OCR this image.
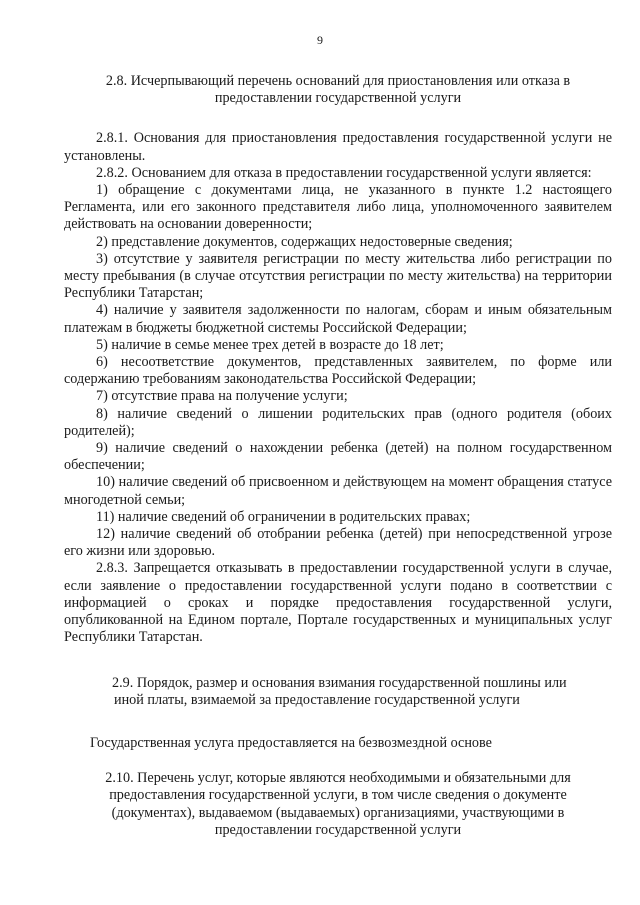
9
2.8. Исчерпывающий перечень оснований для приостановления или отказа в
предоставлении государственной услуги

2.8.1. Основания для приостановления предоставления государственной услуги не установлены.

2.8.2. Основанием для отказа в предоставлении государственной услуги является:

1) обращение с документами лица, не указанного в пункте 1.2 настоящего Регламента, или его законного представителя либо лица, уполномоченного заявителем действовать на основании доверенности;

2) представление документов, содержащих недостоверные сведения;

3) отсутствие у заявителя регистрации по месту жительства либо регистрации по месту пребывания (в случае отсутствия регистрации по месту жительства) на территории Республики Татарстан;

4) наличие у заявителя задолженности по налогам, сборам и иным обязательным платежам в бюджеты бюджетной системы Российской Федерации;

5) наличие в семье менее трех детей в возрасте до 18 лет;

6) несоответствие документов, представленных заявителем, по форме или содержанию требованиям законодательства Российской Федерации;

7) отсутствие права на получение услуги;

8) наличие сведений о лишении родительских прав (одного родителя (обоих родителей);

9) наличие сведений о нахождении ребенка (детей) на полном государственном обеспечении;

10) наличие сведений об присвоенном и действующем на момент обращения статусе многодетной семьи;

11) наличие сведений об ограничении в родительских правах;

12) наличие сведений об отобрании ребенка (детей) при непосредственной угрозе его жизни или здоровью.

2.8.3. Запрещается отказывать в предоставлении государственной услуги в случае, если заявление о предоставлении государственной услуги подано в соответствии с информацией о сроках и порядке предоставления государственной услуги, опубликованной на Едином портале, Портале государственных и муниципальных услуг Республики Татарстан.

2.9. Порядок, размер и основания взимания государственной пошлины или
иной платы, взимаемой за предоставление государственной услуги

Государственная услуга предоставляется на безвозмездной основе

2.10. Перечень услуг, которые являются необходимыми и обязательными для
предоставления государственной услуги, в том числе сведения о документе
(документах), выдаваемом (выдаваемых) организациями, участвующими в
предоставлении государственной услуги
